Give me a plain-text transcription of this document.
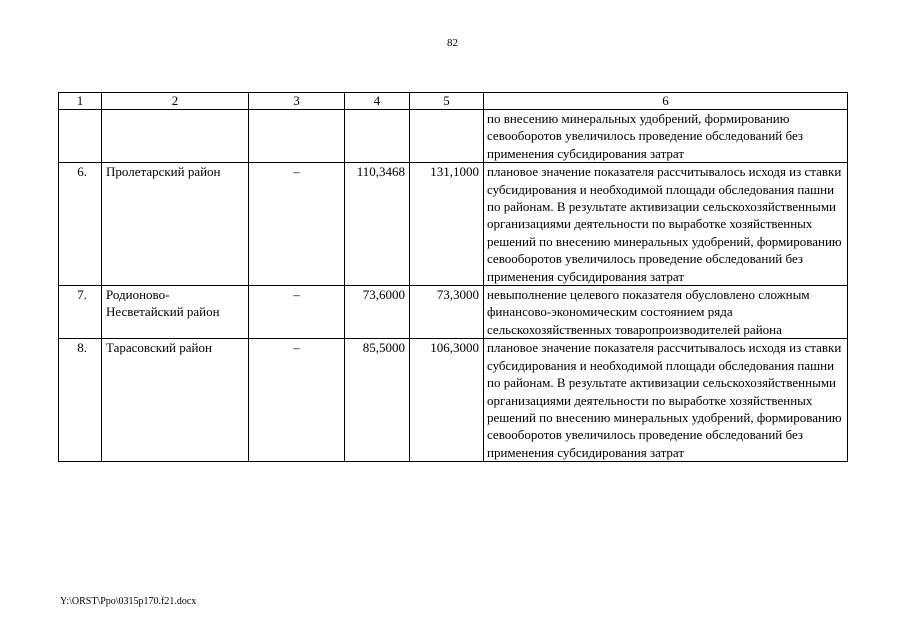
82
1	2	3	4	5	6
					по внесению минеральных удобрений, формированию севооборотов увеличилось проведение обследований без применения субсидирования затрат
6.	Пролетарский район	–	110,3468	131,1000	плановое значение показателя рассчитывалось исходя из ставки субсидирования и необходимой площади обследования пашни по районам. В результате активизации сельскохозяйственными организациями деятельности по выработке хозяйственных решений по внесению минеральных удобрений, формированию севооборотов увеличилось проведение обследований без применения субсидирования затрат
7.	Родионово-Несветайский район	–	73,6000	73,3000	невыполнение целевого показателя обусловлено сложным финансово-экономическим состоянием ряда сельскохозяйственных товаропроизводителей района
8.	Тарасовский район	–	85,5000	106,3000	плановое значение показателя рассчитывалось исходя из ставки субсидирования и необходимой площади обследования пашни по районам. В результате активизации сельскохозяйственными организациями деятельности по выработке хозяйственных решений по внесению минеральных удобрений, формированию севооборотов увеличилось проведение обследований без применения субсидирования затрат
Y:\ORST\Ppo\0315p170.f21.docx
